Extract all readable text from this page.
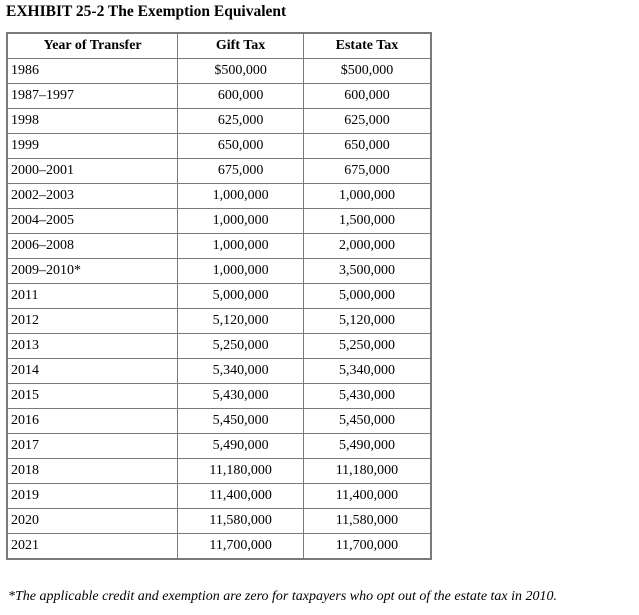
EXHIBIT 25-2 The Exemption Equivalent
Year of Transfer	Gift Tax	Estate Tax
1986	$500,000	$500,000
1987–1997	600,000	600,000
1998	625,000	625,000
1999	650,000	650,000
2000–2001	675,000	675,000
2002–2003	1,000,000	1,000,000
2004–2005	1,000,000	1,500,000
2006–2008	1,000,000	2,000,000
2009–2010*	1,000,000	3,500,000
2011	5,000,000	5,000,000
2012	5,120,000	5,120,000
2013	5,250,000	5,250,000
2014	5,340,000	5,340,000
2015	5,430,000	5,430,000
2016	5,450,000	5,450,000
2017	5,490,000	5,490,000
2018	11,180,000	11,180,000
2019	11,400,000	11,400,000
2020	11,580,000	11,580,000
2021	11,700,000	11,700,000
*The applicable credit and exemption are zero for taxpayers who opt out of the estate tax in 2010.
